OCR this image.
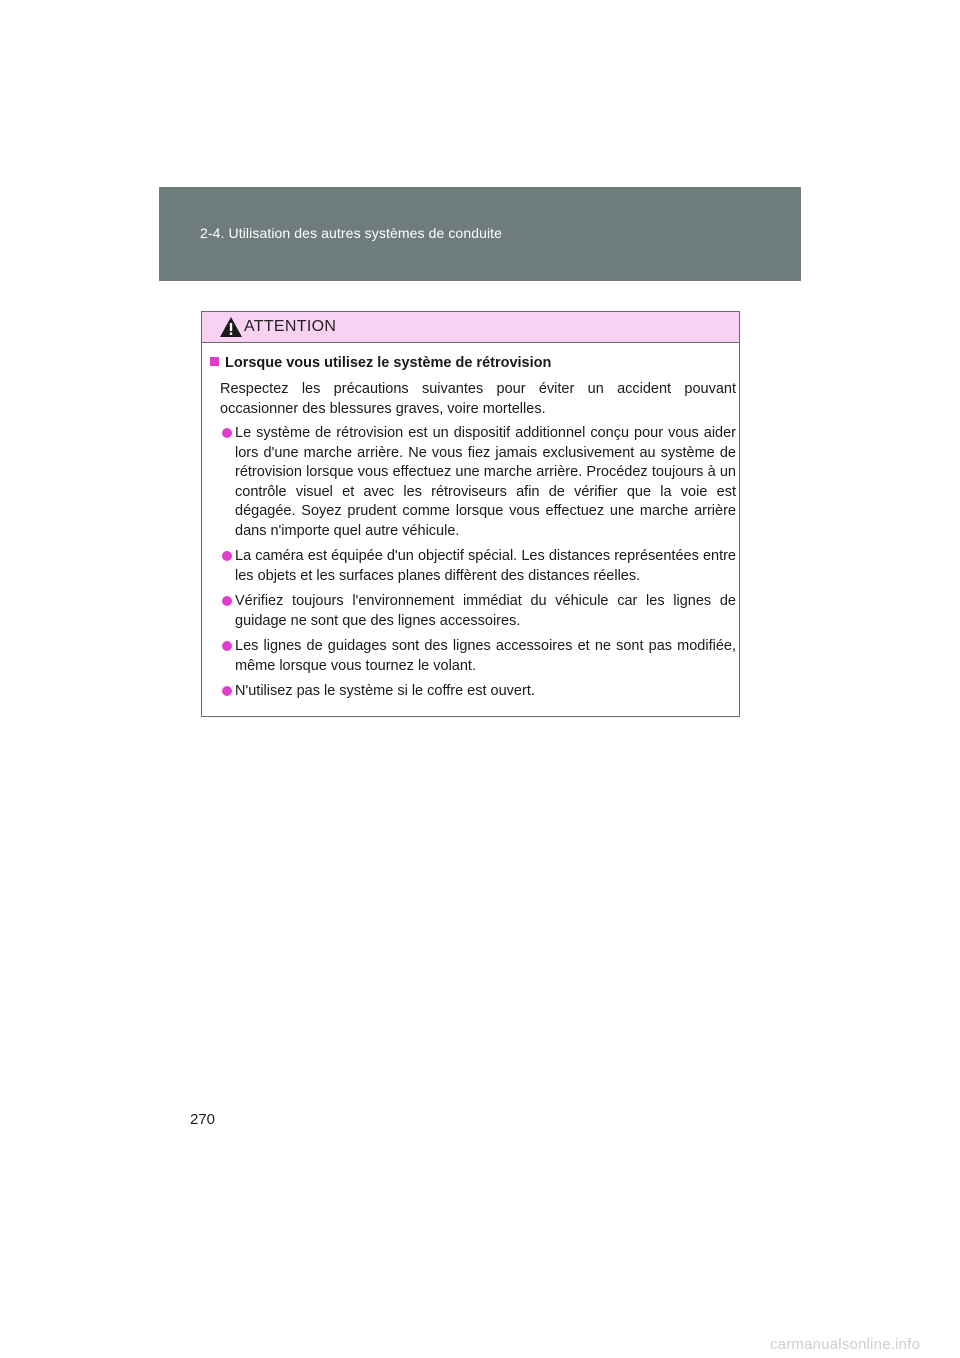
2-4. Utilisation des autres systèmes de conduite
ATTENTION
Lorsque vous utilisez le système de rétrovision
Respectez les précautions suivantes pour éviter un accident pouvant occasionner des blessures graves, voire mortelles.
Le système de rétrovision est un dispositif additionnel conçu pour vous aider lors d'une marche arrière. Ne vous fiez jamais exclusivement au système de rétrovision lorsque vous effectuez une marche arrière. Procédez toujours à un contrôle visuel et avec les rétroviseurs afin de vérifier que la voie est dégagée. Soyez prudent comme lorsque vous effectuez une marche arrière dans n'importe quel autre véhicule.
La caméra est équipée d'un objectif spécial. Les distances représentées entre les objets et les surfaces planes diffèrent des distances réelles.
Vérifiez toujours l'environnement immédiat du véhicule car les lignes de guidage ne sont que des lignes accessoires.
Les lignes de guidages sont des lignes accessoires et ne sont pas modifiée, même lorsque vous tournez le volant.
N'utilisez pas le système si le coffre est ouvert.
270
carmanualsonline.info
